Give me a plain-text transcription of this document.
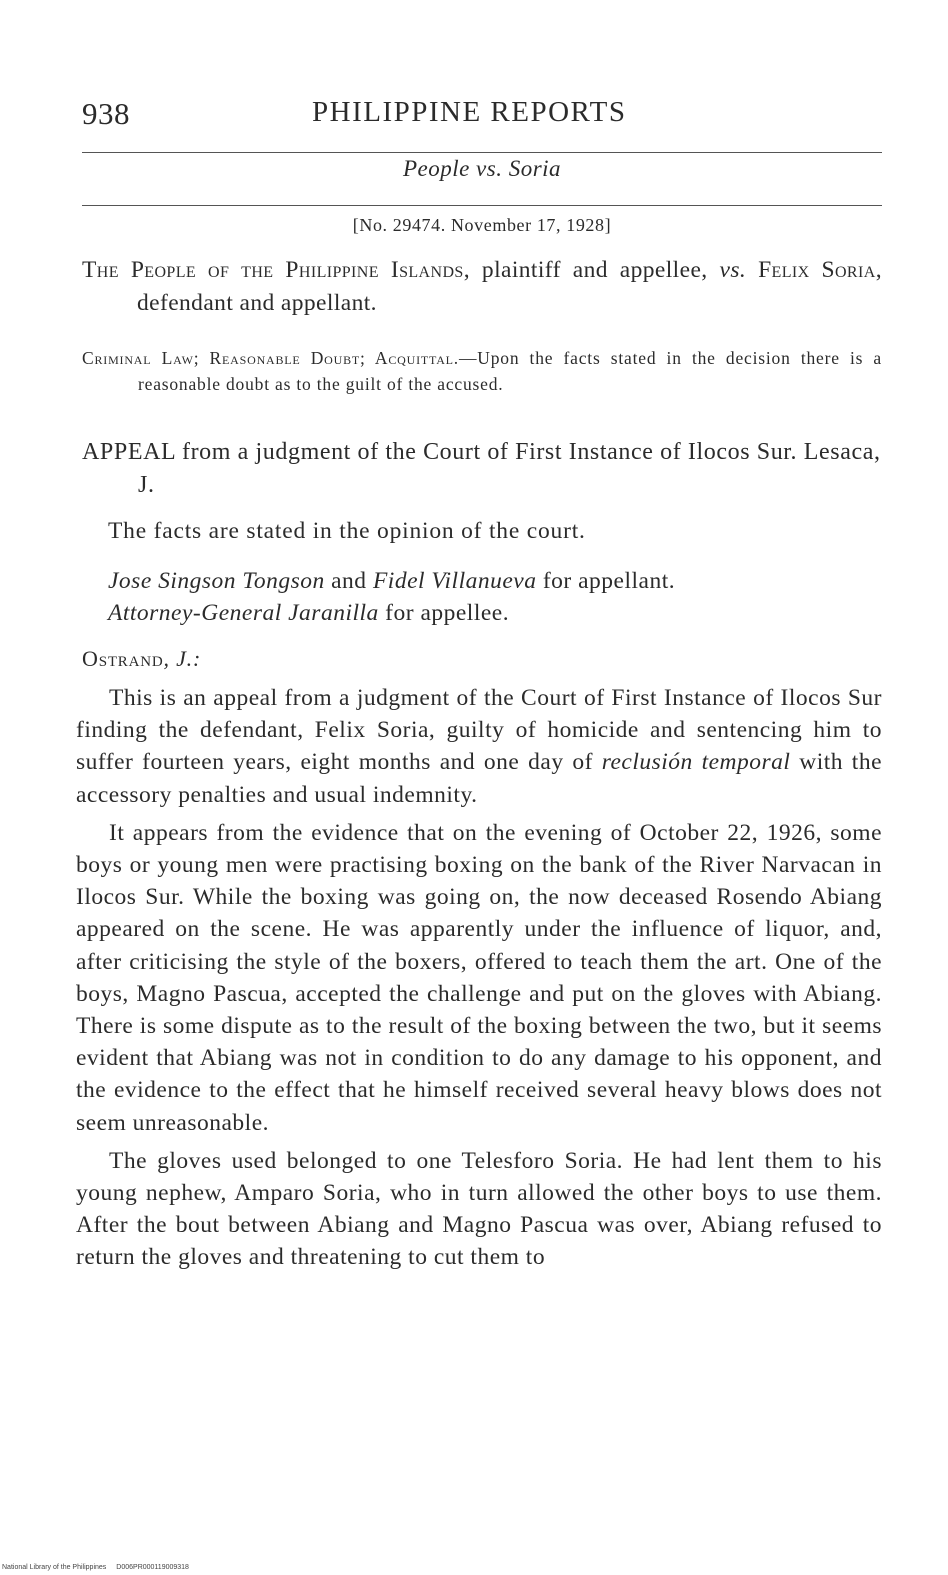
938	PHILIPPINE REPORTS
People vs. Soria
[No. 29474. November 17, 1928]
The People of the Philippine Islands, plaintiff and appellee, vs. Felix Soria, defendant and appellant.
Criminal Law; Reasonable Doubt; Acquittal.—Upon the facts stated in the decision there is a reasonable doubt as to the guilt of the accused.
APPEAL from a judgment of the Court of First Instance of Ilocos Sur. Lesaca, J.
The facts are stated in the opinion of the court.
Jose Singson Tongson and Fidel Villanueva for appellant.
Attorney-General Jaranilla for appellee.
Ostrand, J.:

This is an appeal from a judgment of the Court of First Instance of Ilocos Sur finding the defendant, Felix Soria, guilty of homicide and sentencing him to suffer fourteen years, eight months and one day of reclusión temporal with the accessory penalties and usual indemnity.

It appears from the evidence that on the evening of October 22, 1926, some boys or young men were practising boxing on the bank of the River Narvacan in Ilocos Sur. While the boxing was going on, the now deceased Rosendo Abiang appeared on the scene. He was apparently under the influence of liquor, and, after criticising the style of the boxers, offered to teach them the art. One of the boys, Magno Pascua, accepted the challenge and put on the gloves with Abiang. There is some dispute as to the result of the boxing between the two, but it seems evident that Abiang was not in condition to do any damage to his opponent, and the evidence to the effect that he himself received several heavy blows does not seem unreasonable.

The gloves used belonged to one Telesforo Soria. He had lent them to his young nephew, Amparo Soria, who in turn allowed the other boys to use them. After the bout between Abiang and Magno Pascua was over, Abiang refused to return the gloves and threatening to cut them to

National Library of the Philippines D006PR000119009318
